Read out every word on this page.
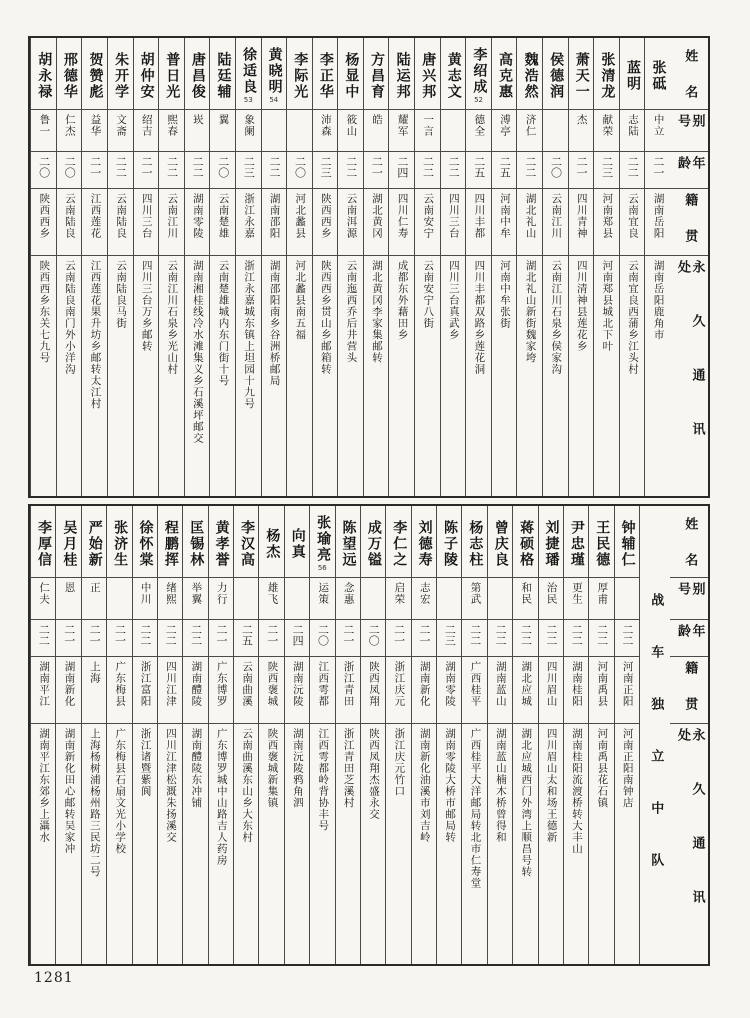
姓 名
别 号
年 龄
籍 贯
永 久 通 讯 处
张砥
中立
二一
湖南岳阳
湖南岳阳鹿角市
蓝明
志陆
二二
云南宜良
云南宜良西蒲乡江头村
张清龙
献荣
二三
河南郑县
河南郑县城北下叶
萧天一
杰
二一
四川青神
四川清神县莲花乡
侯德润
二〇
云南江川
云南江川石泉乡侯家沟
魏浩然
济仁
二二
湖北礼山
湖北礼山新街魏家垮
高克惠
溥亭
二五
河南中牟
河南中牟张街
李绍成
52
德全
二五
四川丰都
四川丰都双路乡莲花洞
黄志文
二二
四川三台
四川三台真武乡
唐兴邦
一言
二二
云南安宁
云南安宁八街
陆运邦
耀军
二四
四川仁寿
成都东外藉田乡
方昌育
皓
二一
湖北黄冈
湖北黄冈李家集邮转
杨显中
筱山
二二
云南洱源
云南迤西乔后井营头
李正华
沛森
二三
陕西西乡
陕西西乡贯山乡邮箱转
李际光
二〇
河北蠡县
河北蠡县南五福
黄晓明
54
二二
湖南邵阳
湖南邵阳南乡谷洲桥邮局
徐适良
53
象阑
二三
浙江永嘉
浙江永嘉城东镇上坦园十九号
陆廷辅
翼
二〇
云南楚雄
云南楚雄城内东门街十号
唐昌俊
崁
二二
湖南零陵
湖南湘桂线冷水滩集义乡石溪坪邮交
普日光
熙春
二二
云南江川
云南江川石泉乡光山村
胡仲安
绍吉
二一
四川三台
四川三台万乡邮转
朱开学
文斋
二二
云南陆良
云南陆良马街
贺赞彪
益华
二一
江西莲花
江西莲花果升坊乡邮转太江村
邢德华
仁杰
二〇
云南陆良
云南陆良南门外小洋沟
胡永禄
鲁一
二〇
陕西西乡
陕西西乡东关七九号
姓 名
别 号
年 龄
籍 贯
永 久 通 讯 处
战 车 独 立 中 队
钟辅仁
二二
河南正阳
河南正阳南钟店
王民德
厚甫
二二
河南禹县
河南禹县花石镇
尹忠瑾
更生
二二
湖南桂阳
湖南桂阳流渡桥转大丰山
刘捷璠
治民
二二
四川眉山
四川眉山太和场王德新
蒋硕格
和民
二二
湖北应城
湖北应城西门外湾上顺昌号转
曾庆良
二二
湖南蓝山
湖南蓝山楠木桥曾得和
杨志柱
第武
二二
广西桂平
广西桂平大洋邮局转北市仁寿堂
陈子陵
二三
湖南零陵
湖南零陵大桥市邮局转
刘德寿
志宏
二一
湖南新化
湖南新化油溪市刘吉岭
李仁之
启荣
二一
浙江庆元
浙江庆元竹口
成万镒
二〇
陕西凤翔
陕西凤翔杰盛永交
陈望远
念惠
二一
浙江青田
浙江青田芝溪村
张瑜亮
56
运策
二〇
江西雩都
江西雩都岭背协丰号
向真
二四
湖南沅陵
湖南沅陵鸦角泗
杨杰
雄飞
二一
陕西褒城
陕西褒城新集镇
李汉高
二五
云南曲溪
云南曲溪东山乡大东村
黄孝誉
力行
二一
广东博罗
广东博罗城中山路吉人药房
匡锡林
举翼
二二
湖南醴陵
湖南醴陵东冲铺
程鹏挥
绪熙
二二
四川江津
四川江津松溉朱扬溪交
徐怀棠
中川
二二
浙江富阳
浙江诸暨紫阆
张济生
二一
广东梅县
广东梅县石扇文光小学校
严始新
正
二一
上海
上海杨树浦杨州路三民坊二号
吴月桂
恩
二一
湖南新化
湖南新化田心邮转吴家冲
李厚信
仁夫
二二
湖南平江
湖南平江东郊乡上灄水
1281
